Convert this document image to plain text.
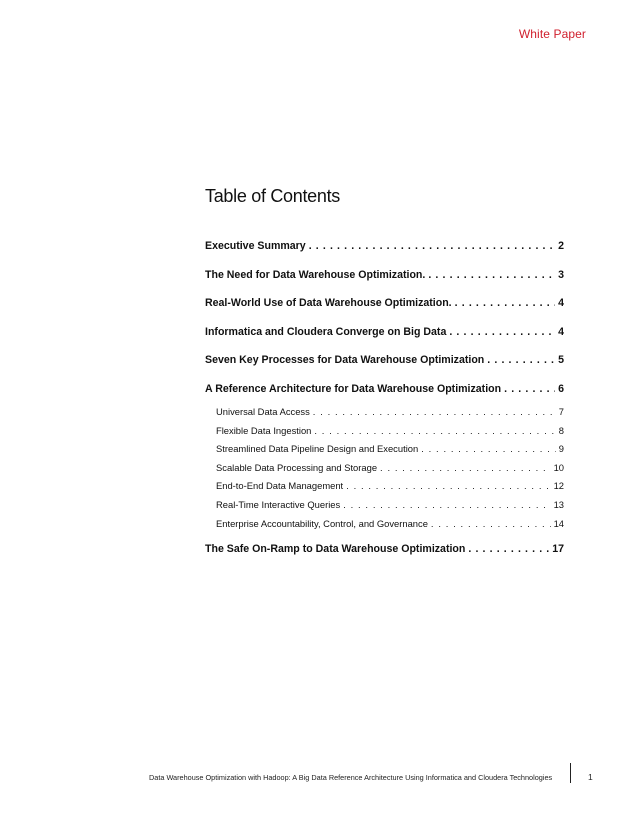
White Paper
Table of Contents
Executive Summary . . .	2
The Need for Data Warehouse Optimization. . . .	3
Real-World Use of Data Warehouse Optimization. . . .	4
Informatica and Cloudera Converge on Big Data . . .	4
Seven Key Processes for Data Warehouse Optimization . . .	5
A Reference Architecture for Data Warehouse Optimization . . .	6
Universal Data Access . . .	7
Flexible Data Ingestion . . .	8
Streamlined Data Pipeline Design and Execution . . .	9
Scalable Data Processing and Storage . . .	10
End-to-End Data Management . . .	12
Real-Time Interactive Queries . . .	13
Enterprise Accountability, Control, and Governance . . .	14
The Safe On-Ramp to Data Warehouse Optimization . . .	17
Data Warehouse Optimization with Hadoop: A Big Data Reference Architecture Using Informatica and Cloudera Technologies	1
